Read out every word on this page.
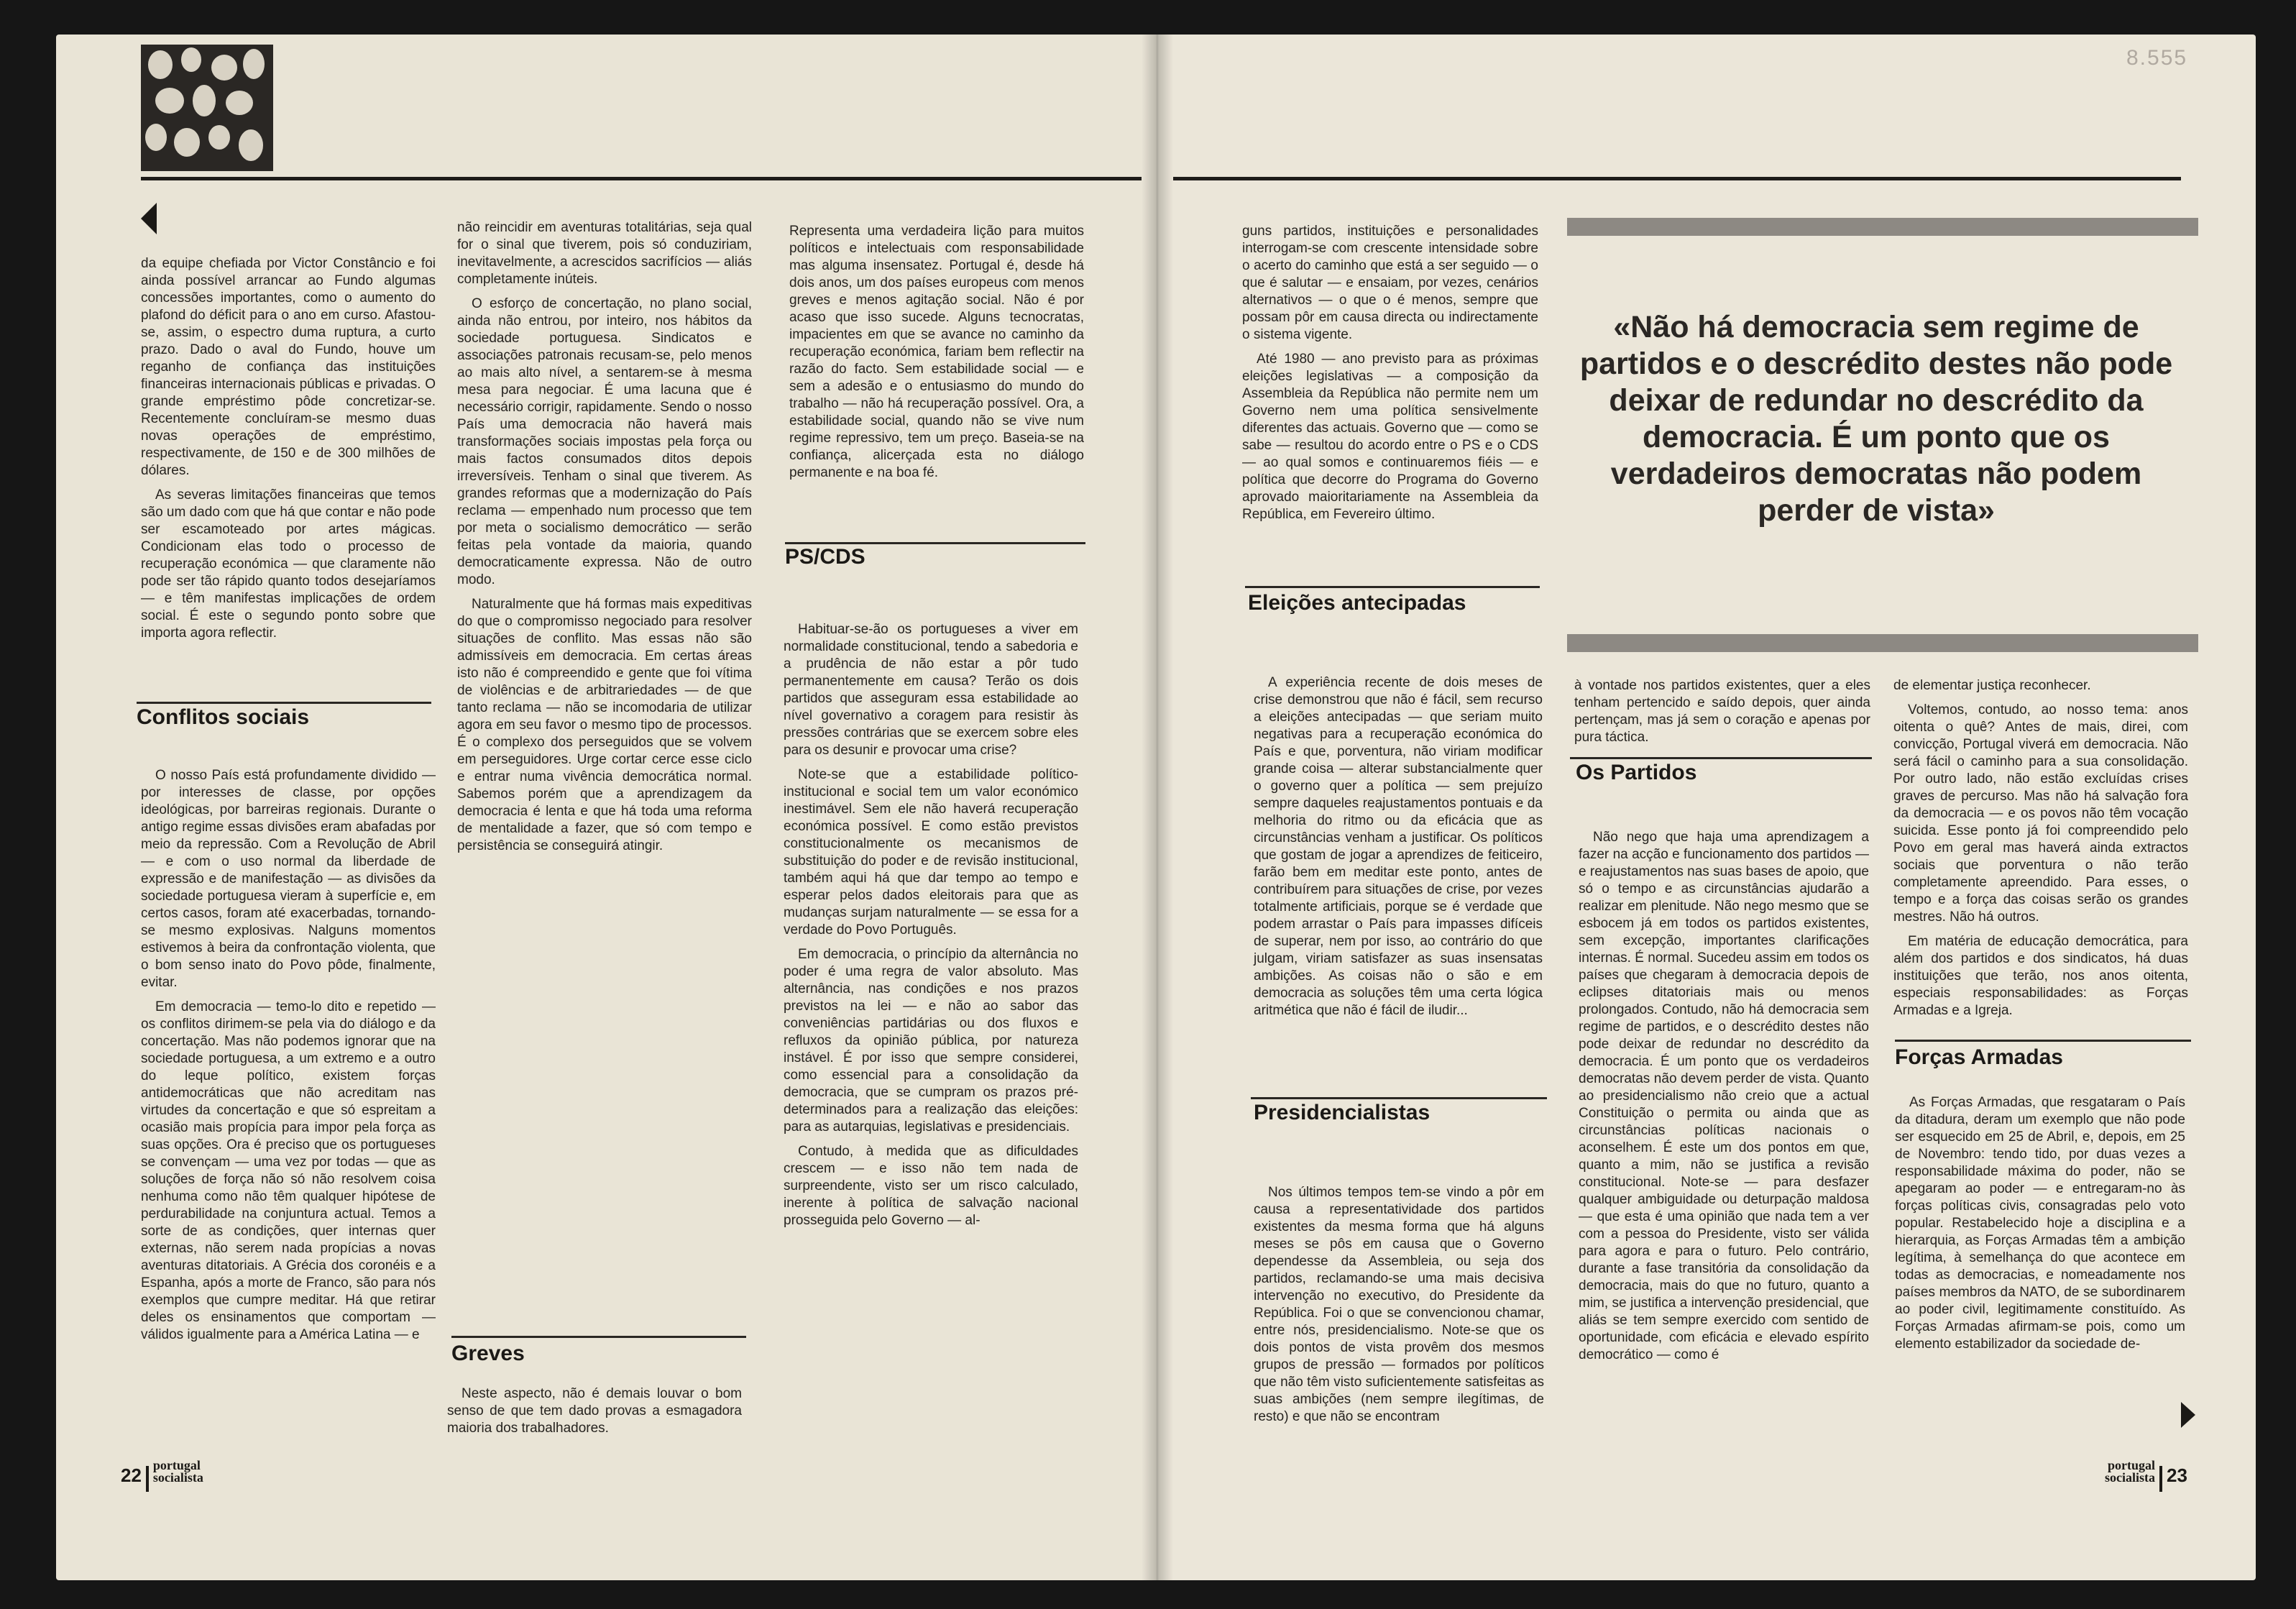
8.555

da equipe chefiada por Victor Constâncio e foi ainda possível arrancar ao Fundo algumas concessões importantes, como o aumento do plafond do déficit para o ano em curso. Afastou-se, assim, o espectro duma ruptura, a curto prazo. Dado o aval do Fundo, houve um reganho de confiança das instituições financeiras internacionais públicas e privadas. O grande empréstimo pôde concretizar-se. Recentemente concluíram-se mesmo duas novas operações de empréstimo, respectivamente, de 150 e de 300 milhões de dólares.

As severas limitações financeiras que temos são um dado com que há que contar e não pode ser escamoteado por artes mágicas. Condicionam elas todo o processo de recuperação económica — que claramente não pode ser tão rápido quanto todos desejaríamos — e têm manifestas implicações de ordem social. É este o segundo ponto sobre que importa agora reflectir.

Conflitos sociais

O nosso País está profundamente dividido — por interesses de classe, por opções ideológicas, por barreiras regionais. Durante o antigo regime essas divisões eram abafadas por meio da repressão. Com a Revolução de Abril — e com o uso normal da liberdade de expressão e de manifestação — as divisões da sociedade portuguesa vieram à superfície e, em certos casos, foram até exacerbadas, tornando-se mesmo explosivas. Nalguns momentos estivemos à beira da confrontação violenta, que o bom senso inato do Povo pôde, finalmente, evitar.

Em democracia — temo-lo dito e repetido — os conflitos dirimem-se pela via do diálogo e da concertação. Mas não podemos ignorar que na sociedade portuguesa, a um extremo e a outro do leque político, existem forças antidemocráticas que não acreditam nas virtudes da concertação e que só espreitam a ocasião mais propícia para impor pela força as suas opções. Ora é preciso que os portugueses se convençam — uma vez por todas — que as soluções de força não só não resolvem coisa nenhuma como não têm qualquer hipótese de perdurabilidade na conjuntura actual. Temos a sorte de as condições, quer internas quer externas, não serem nada propícias a novas aventuras ditatoriais. A Grécia dos coronéis e a Espanha, após a morte de Franco, são para nós exemplos que cumpre meditar. Há que retirar deles os ensinamentos que comportam — válidos igualmente para a América Latina — e

não reincidir em aventuras totalitárias, seja qual for o sinal que tiverem, pois só conduziriam, inevitavelmente, a acrescidos sacrifícios — aliás completamente inúteis.

O esforço de concertação, no plano social, ainda não entrou, por inteiro, nos hábitos da sociedade portuguesa. Sindicatos e associações patronais recusam-se, pelo menos ao mais alto nível, a sentarem-se à mesma mesa para negociar. É uma lacuna que é necessário corrigir, rapidamente. Sendo o nosso País uma democracia não haverá mais transformações sociais impostas pela força ou mais factos consumados ditos depois irreversíveis. Tenham o sinal que tiverem. As grandes reformas que a modernização do País reclama — empenhado num processo que tem por meta o socialismo democrático — serão feitas pela vontade da maioria, quando democraticamente expressa. Não de outro modo.

Naturalmente que há formas mais expeditivas do que o compromisso negociado para resolver situações de conflito. Mas essas não são admissíveis em democracia. Em certas áreas isto não é compreendido e gente que foi vítima de violências e de arbitrariedades — de que tanto reclama — não se incomodaria de utilizar agora em seu favor o mesmo tipo de processos. É o complexo dos perseguidos que se volvem em perseguidores. Urge cortar cerce esse ciclo e entrar numa vivência democrática normal. Sabemos porém que a aprendizagem da democracia é lenta e que há toda uma reforma de mentalidade a fazer, que só com tempo e persistência se conseguirá atingir.

Greves

Neste aspecto, não é demais louvar o bom senso de que tem dado provas a esmagadora maioria dos trabalhadores.

Representa uma verdadeira lição para muitos políticos e intelectuais com responsabilidade mas alguma insensatez. Portugal é, desde há dois anos, um dos países europeus com menos greves e menos agitação social. Não é por acaso que isso sucede. Alguns tecnocratas, impacientes em que se avance no caminho da recuperação económica, fariam bem reflectir na razão do facto. Sem estabilidade social — e sem a adesão e o entusiasmo do mundo do trabalho — não há recuperação possível. Ora, a estabilidade social, quando não se vive num regime repressivo, tem um preço. Baseia-se na confiança, alicerçada esta no diálogo permanente e na boa fé.

PS/CDS

Habituar-se-ão os portugueses a viver em normalidade constitucional, tendo a sabedoria e a prudência de não estar a pôr tudo permanentemente em causa? Terão os dois partidos que asseguram essa estabilidade ao nível governativo a coragem para resistir às pressões contrárias que se exercem sobre eles para os desunir e provocar uma crise?

Note-se que a estabilidade político-institucional e social tem um valor económico inestimável. Sem ele não haverá recuperação económica possível. E como estão previstos constitucionalmente os mecanismos de substituição do poder e de revisão institucional, também aqui há que dar tempo ao tempo e esperar pelos dados eleitorais para que as mudanças surjam naturalmente — se essa for a verdade do Povo Português.

Em democracia, o princípio da alternância no poder é uma regra de valor absoluto. Mas alternância, nas condições e nos prazos previstos na lei — e não ao sabor das conveniências partidárias ou dos fluxos e refluxos da opinião pública, por natureza instável. É por isso que sempre considerei, como essencial para a consolidação da democracia, que se cumpram os prazos pré-determinados para a realização das eleições: para as autarquias, legislativas e presidenciais.

Contudo, à medida que as dificuldades crescem — e isso não tem nada de surpreendente, visto ser um risco calculado, inerente à política de salvação nacional prosseguida pelo Governo — al-

22 portugal
socialista

guns partidos, instituições e personalidades interrogam-se com crescente intensidade sobre o acerto do caminho que está a ser seguido — o que é salutar — e ensaiam, por vezes, cenários alternativos — o que o é menos, sempre que possam pôr em causa directa ou indirectamente o sistema vigente.

Até 1980 — ano previsto para as próximas eleições legislativas — a composição da Assembleia da República não permite nem um Governo nem uma política sensivelmente diferentes das actuais. Governo que — como se sabe — resultou do acordo entre o PS e o CDS — ao qual somos e continuaremos fiéis — e política que decorre do Programa do Governo aprovado maioritariamente na Assembleia da República, em Fevereiro último.

Eleições antecipadas

A experiência recente de dois meses de crise demonstrou que não é fácil, sem recurso a eleições antecipadas — que seriam muito negativas para a recuperação económica do País e que, porventura, não viriam modificar grande coisa — alterar substancialmente quer o governo quer a política — sem prejuízo sempre daqueles reajustamentos pontuais e da melhoria do ritmo ou da eficácia que as circunstâncias venham a justificar. Os políticos que gostam de jogar a aprendizes de feiticeiro, farão bem em meditar este ponto, antes de contribuírem para situações de crise, por vezes totalmente artificiais, porque se é verdade que podem arrastar o País para impasses difíceis de superar, nem por isso, ao contrário do que julgam, viriam satisfazer as suas insensatas ambições. As coisas não o são e em democracia as soluções têm uma certa lógica aritmética que não é fácil de iludir...

Presidencialistas

Nos últimos tempos tem-se vindo a pôr em causa a representatividade dos partidos existentes da mesma forma que há alguns meses se pôs em causa que o Governo dependesse da Assembleia, ou seja dos partidos, reclamando-se uma mais decisiva intervenção no executivo, do Presidente da República. Foi o que se convencionou chamar, entre nós, presidencialismo. Note-se que os dois pontos de vista provêm dos mesmos grupos de pressão — formados por políticos que não têm visto suficientemente satisfeitas as suas ambições (nem sempre ilegítimas, de resto) e que não se encontram

«Não há democracia sem regime de partidos e o descrédito destes não pode deixar de redundar no descrédito da democracia. É um ponto que os verdadeiros democratas não podem perder de vista»

à vontade nos partidos existentes, quer a eles tenham pertencido e saído depois, quer ainda pertençam, mas já sem o coração e apenas por pura táctica.

Os Partidos

Não nego que haja uma aprendizagem a fazer na acção e funcionamento dos partidos — e reajustamentos nas suas bases de apoio, que só o tempo e as circunstâncias ajudarão a realizar em plenitude. Não nego mesmo que se esbocem já em todos os partidos existentes, sem excepção, importantes clarificações internas. É normal. Sucedeu assim em todos os países que chegaram à democracia depois de eclipses ditatoriais mais ou menos prolongados. Contudo, não há democracia sem regime de partidos, e o descrédito destes não pode deixar de redundar no descrédito da democracia. É um ponto que os verdadeiros democratas não devem perder de vista. Quanto ao presidencialismo não creio que a actual Constituição o permita ou ainda que as circunstâncias políticas nacionais o aconselhem. É este um dos pontos em que, quanto a mim, não se justifica a revisão constitucional. Note-se — para desfazer qualquer ambiguidade ou deturpação maldosa — que esta é uma opinião que nada tem a ver com a pessoa do Presidente, visto ser válida para agora e para o futuro. Pelo contrário, durante a fase transitória da consolidação da democracia, mais do que no futuro, quanto a mim, se justifica a intervenção presidencial, que aliás se tem sempre exercido com sentido de oportunidade, com eficácia e elevado espírito democrático — como é

de elementar justiça reconhecer.

Voltemos, contudo, ao nosso tema: anos oitenta o quê? Antes de mais, direi, com convicção, Portugal viverá em democracia. Não será fácil o caminho para a sua consolidação. Por outro lado, não estão excluídas crises graves de percurso. Mas não há salvação fora da democracia — e os povos não têm vocação suicida. Esse ponto já foi compreendido pelo Povo em geral mas haverá ainda extractos sociais que porventura o não terão completamente apreendido. Para esses, o tempo e a força das coisas serão os grandes mestres. Não há outros.

Em matéria de educação democrática, para além dos partidos e dos sindicatos, há duas instituições que terão, nos anos oitenta, especiais responsabilidades: as Forças Armadas e a Igreja.

Forças Armadas

As Forças Armadas, que resgataram o País da ditadura, deram um exemplo que não pode ser esquecido em 25 de Abril, e, depois, em 25 de Novembro: tendo tido, por duas vezes a responsabilidade máxima do poder, não se apegaram ao poder — e entregaram-no às forças políticas civis, consagradas pelo voto popular. Restabelecido hoje a disciplina e a hierarquia, as Forças Armadas têm a ambição legítima, à semelhança do que acontece em todas as democracias, e nomeadamente nos países membros da NATO, de se subordinarem ao poder civil, legitimamente constituído. As Forças Armadas afirmam-se pois, como um elemento estabilizador da sociedade de-

portugal
socialista 23
